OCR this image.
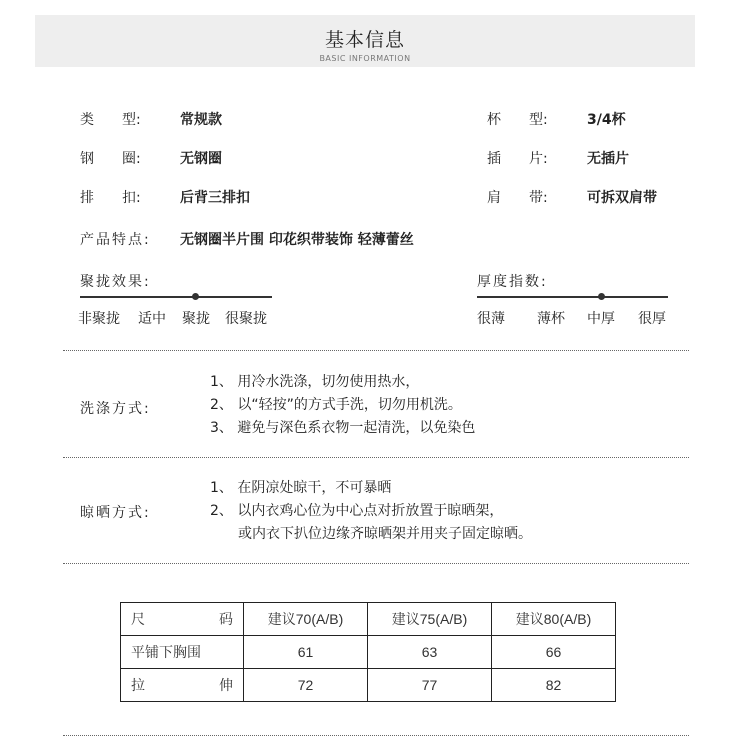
基本信息
BASIC INFORMATION
类　　型:	常规款	杯　　型:	3/4杯
钢　　圈:	无钢圈	插　　片:	无插片
排　　扣:	后背三排扣	肩　　带:	可拆双肩带
产品特点: 无钢圈半片围 印花织带装饰 轻薄蕾丝
聚拢效果:
非聚拢 适中 聚拢 很聚拢
厚度指数:
很薄 薄杯 中厚 很厚
洗涤方式:
1、 用冷水洗涤，切勿使用热水，
2、 以“轻按”的方式手洗，切勿用机洗。
3、 避免与深色系衣物一起清洗，以免染色
晾晒方式:
1、 在阴凉处晾干，不可暴晒
2、 以内衣鸡心位为中心点对折放置于晾晒架，
　　或内衣下扒位边缘齐晾晒架并用夹子固定晾晒。
尺 码	建议70(A/B)	建议75(A/B)	建议80(A/B)
平铺下胸围	61	63	66

拉 伸	72	77	82
